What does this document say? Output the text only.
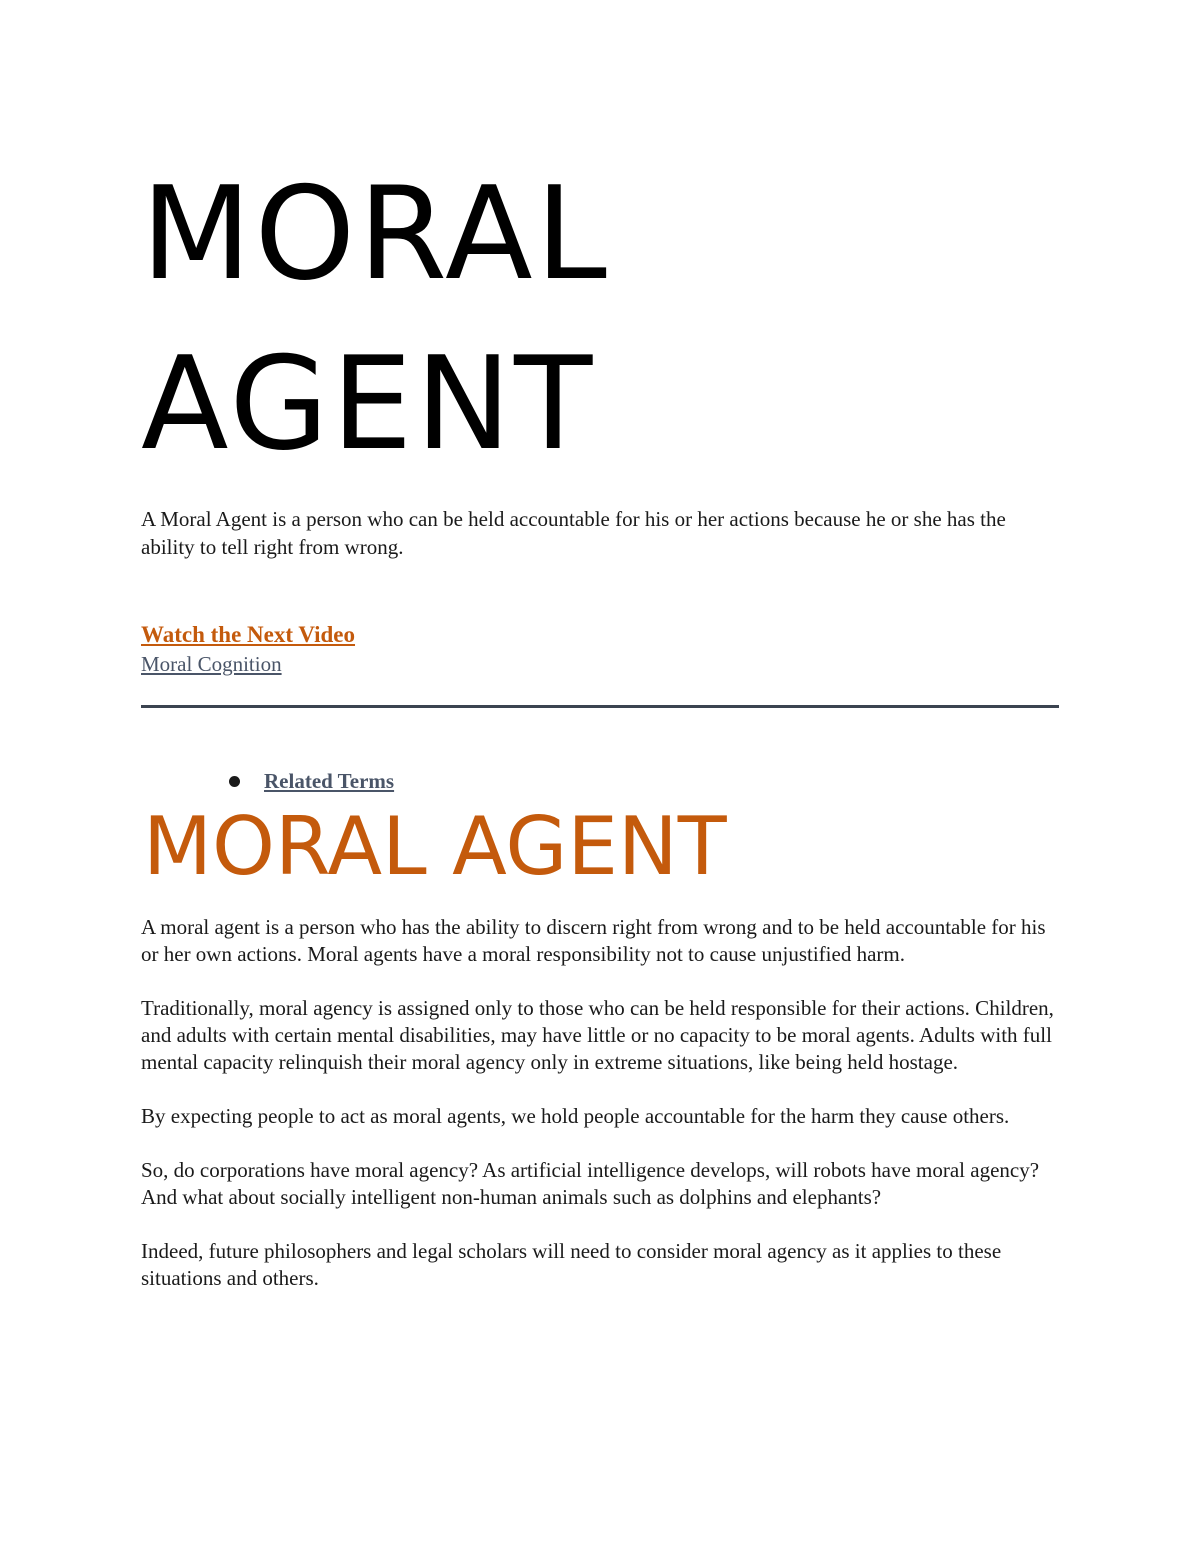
MORAL
AGENT

A Moral Agent is a person who can be held accountable for his or her actions because he or she has the ability to tell right from wrong.

Watch the Next Video
Moral Cognition
Related Terms
MORAL AGENT

A moral agent is a person who has the ability to discern right from wrong and to be held accountable for his or her own actions. Moral agents have a moral responsibility not to cause unjustified harm.

Traditionally, moral agency is assigned only to those who can be held responsible for their actions. Children, and adults with certain mental disabilities, may have little or no capacity to be moral agents. Adults with full mental capacity relinquish their moral agency only in extreme situations, like being held hostage.

By expecting people to act as moral agents, we hold people accountable for the harm they cause others.

So, do corporations have moral agency? As artificial intelligence develops, will robots have moral agency? And what about socially intelligent non-human animals such as dolphins and elephants?

Indeed, future philosophers and legal scholars will need to consider moral agency as it applies to these situations and others.
